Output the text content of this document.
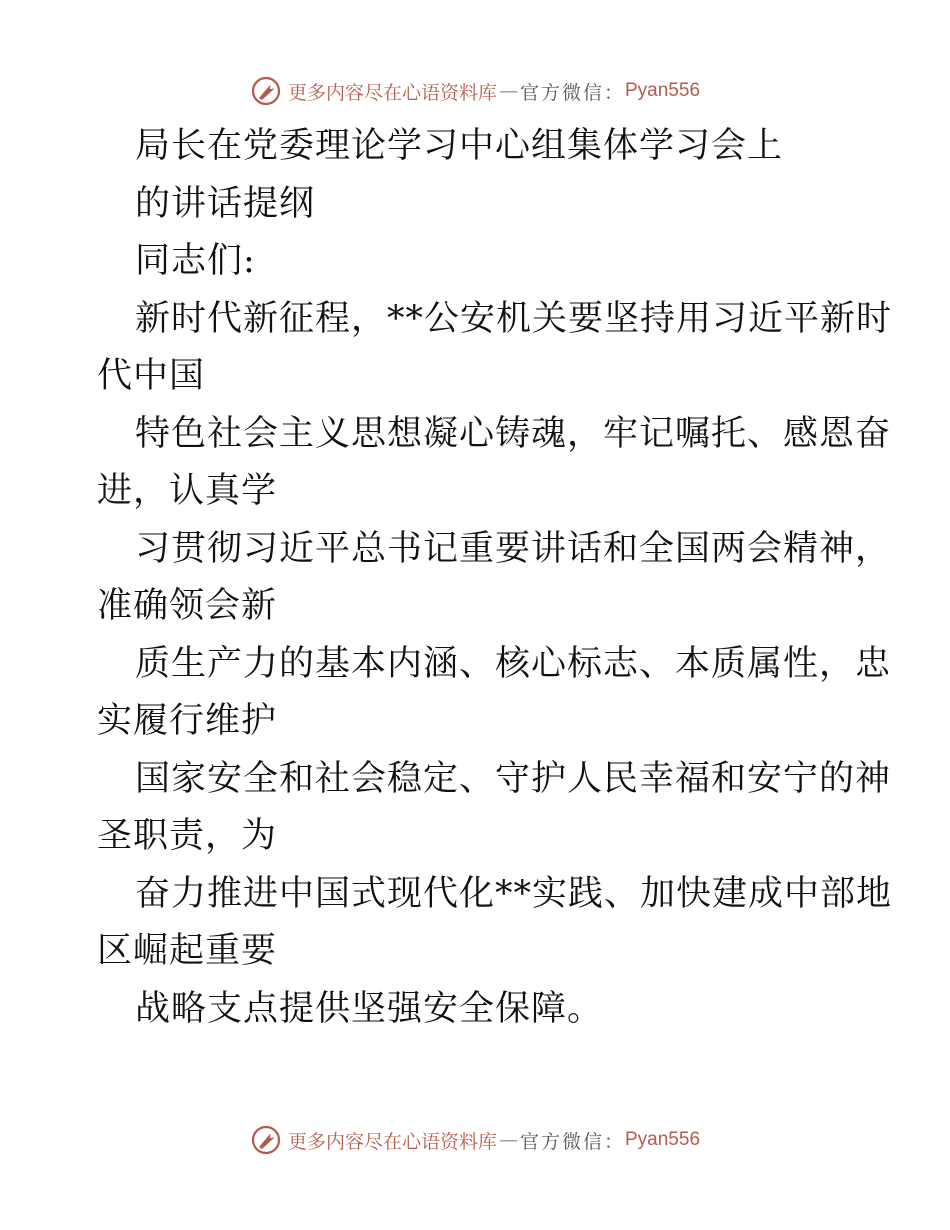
更多内容尽在心语资料库 — 官方微信： Pyan556
局长在党委理论学习中心组集体学习会上
的讲话提纲
同志们:
新时代新征程，**公安机关要坚持用习近平新时
代中国
特色社会主义思想凝心铸魂，牢记嘱托、感恩奋
进，认真学
习贯彻习近平总书记重要讲话和全国两会精神，
准确领会新
质生产力的基本内涵、核心标志、本质属性，忠
实履行维护
国家安全和社会稳定、守护人民幸福和安宁的神
圣职责，为
奋力推进中国式现代化**实践、加快建成中部地
区崛起重要
战略支点提供坚强安全保障。
更多内容尽在心语资料库 — 官方微信： Pyan556
